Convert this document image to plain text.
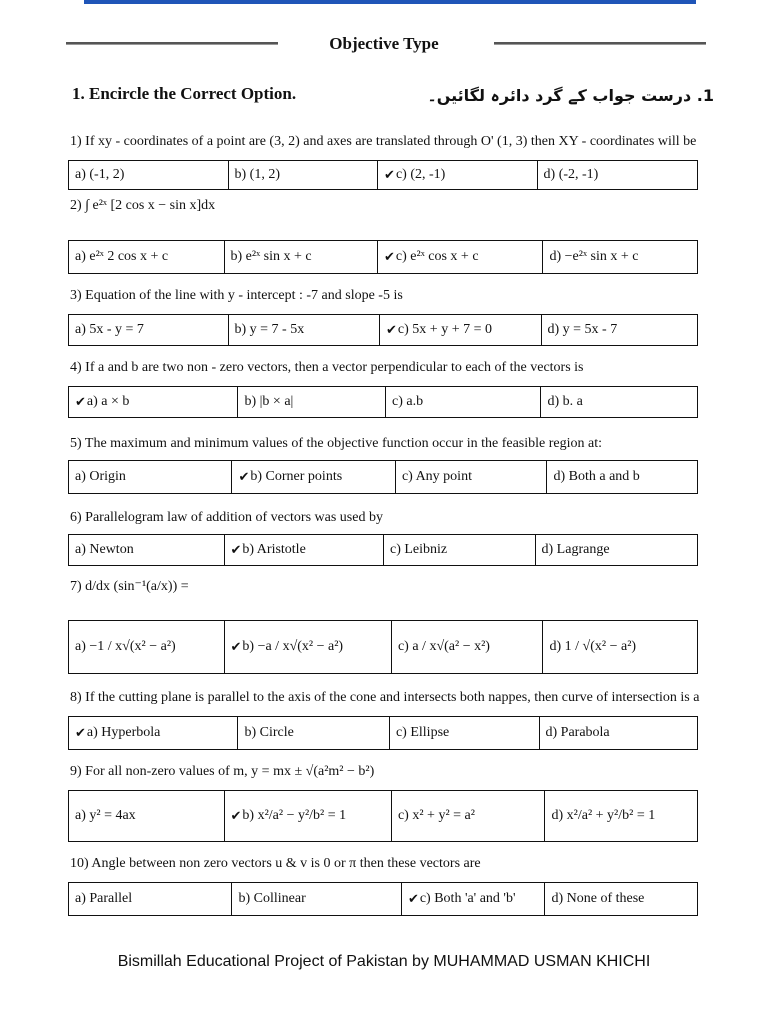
Objective Type
1. Encircle the Correct Option.	1. درست جواب کے گرد دائرہ لگائیں۔
1) If xy - coordinates of a point are (3, 2) and axes are translated through O' (1, 3) then XY - coordinates will be
a) (-1, 2)	b) (1, 2)	✔ c) (2, -1)	d) (-2, -1)
2) ∫ e²ˣ [2 cos x − sin x]dx
a) e²ˣ 2 cos x + c	b) e²ˣ sin x + c	✔ c) e²ˣ cos x + c	d) −e²ˣ sin x + c
3) Equation of the line with y - intercept : -7 and slope -5 is
a) 5x - y = 7	b) y = 7 - 5x	✔ c) 5x + y + 7 = 0	d) y = 5x - 7
4) If a and b are two non - zero vectors, then a vector perpendicular to each of the vectors is
✔ a) a × b	b) |b × a|	c) a.b	d) b. a
5) The maximum and minimum values of the objective function occur in the feasible region at:
a) Origin	✔ b) Corner points	c) Any point	d) Both a and b
6) Parallelogram law of addition of vectors was used by
a) Newton	✔ b) Aristotle	c) Leibniz	d) Lagrange
7) d/dx (sin⁻¹(a/x)) =
a) −1 / x√(x² − a²)	✔ b) −a / x√(x² − a²)	c) a / x√(a² − x²)	d) 1 / √(x² − a²)
8) If the cutting plane is parallel to the axis of the cone and intersects both nappes, then curve of intersection is a
✔ a) Hyperbola	b) Circle	c) Ellipse	d) Parabola
9) For all non-zero values of m, y = mx ± √(a²m² − b²)
a) y² = 4ax	✔ b) x²/a² − y²/b² = 1	c) x² + y² = a²	d) x²/a² + y²/b² = 1
10) Angle between non zero vectors u & v is 0 or π then these vectors are
a) Parallel	b) Collinear	✔ c) Both 'a' and 'b'	d) None of these
Bismillah Educational Project of Pakistan by MUHAMMAD USMAN KHICHI
